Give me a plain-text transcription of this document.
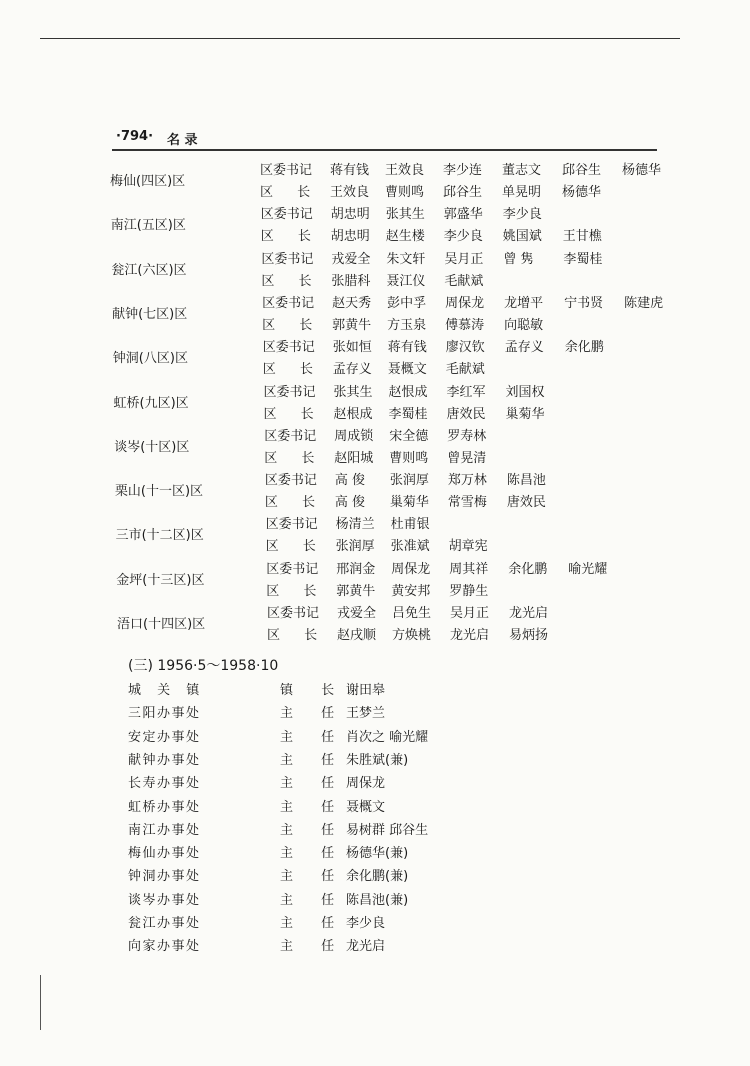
·794· 名 录
梅仙(四区)区
区委书记 蒋有钱 王效良 李少连 董志文 邱谷生 杨德华
区 长 王效良 曹则鸣 邱谷生 单晃明 杨德华
南江(五区)区
区委书记 胡忠明 张其生 郭盛华 李少良
区 长 胡忠明 赵生楼 李少良 姚国斌 王甘樵
瓮江(六区)区
区委书记 戎爱全 朱文轩 吴月正 曾 隽 李蜀桂
区 长 张腊科 聂江仪 毛献斌
献钟(七区)区
区委书记 赵天秀 彭中孚 周保龙 龙增平 宁书贤 陈建虎
区 长 郭黄牛 方玉泉 傅慕涛 向聪敏
钟洞(八区)区
区委书记 张如恒 蒋有钱 廖汉钦 孟存义 余化鹏
区 长 孟存义 聂概文 毛献斌
虹桥(九区)区
区委书记 张其生 赵恨成 李红军 刘国权
区 长 赵根成 李蜀桂 唐效民 巢菊华
谈岑(十区)区
区委书记 周成锁 宋全德 罗寿林
区 长 赵阳城 曹则鸣 曾晃清
栗山(十一区)区
区委书记 高 俊 张润厚 郑万林 陈昌池
区 长 高 俊 巢菊华 常雪梅 唐效民
三市(十二区)区
区委书记 杨清兰 杜甫银
区 长 张润厚 张准斌 胡章宪
金坪(十三区)区
区委书记 邢润金 周保龙 周其祥 余化鹏 喻光耀
区 长 郭黄牛 黄安邦 罗静生
浯口(十四区)区
区委书记 戎爱全 吕免生 吴月正 龙光启
区 长 赵戌顺 方焕桃 龙光启 易炳扬
(三) 1956·5～1958·10
城 关 镇	镇 长 谢田皋
三阳办事处	主 任 王梦兰
安定办事处	主 任 肖次之 喻光耀
献钟办事处	主 任 朱胜斌(兼)
长寿办事处	主 任 周保龙
虹桥办事处	主 任 聂概文
南江办事处	主 任 易树群 邱谷生
梅仙办事处	主 任 杨德华(兼)
钟洞办事处	主 任 余化鹏(兼)
谈岑办事处	主 任 陈昌池(兼)
瓮江办事处	主 任 李少良
向家办事处	主 任 龙光启
